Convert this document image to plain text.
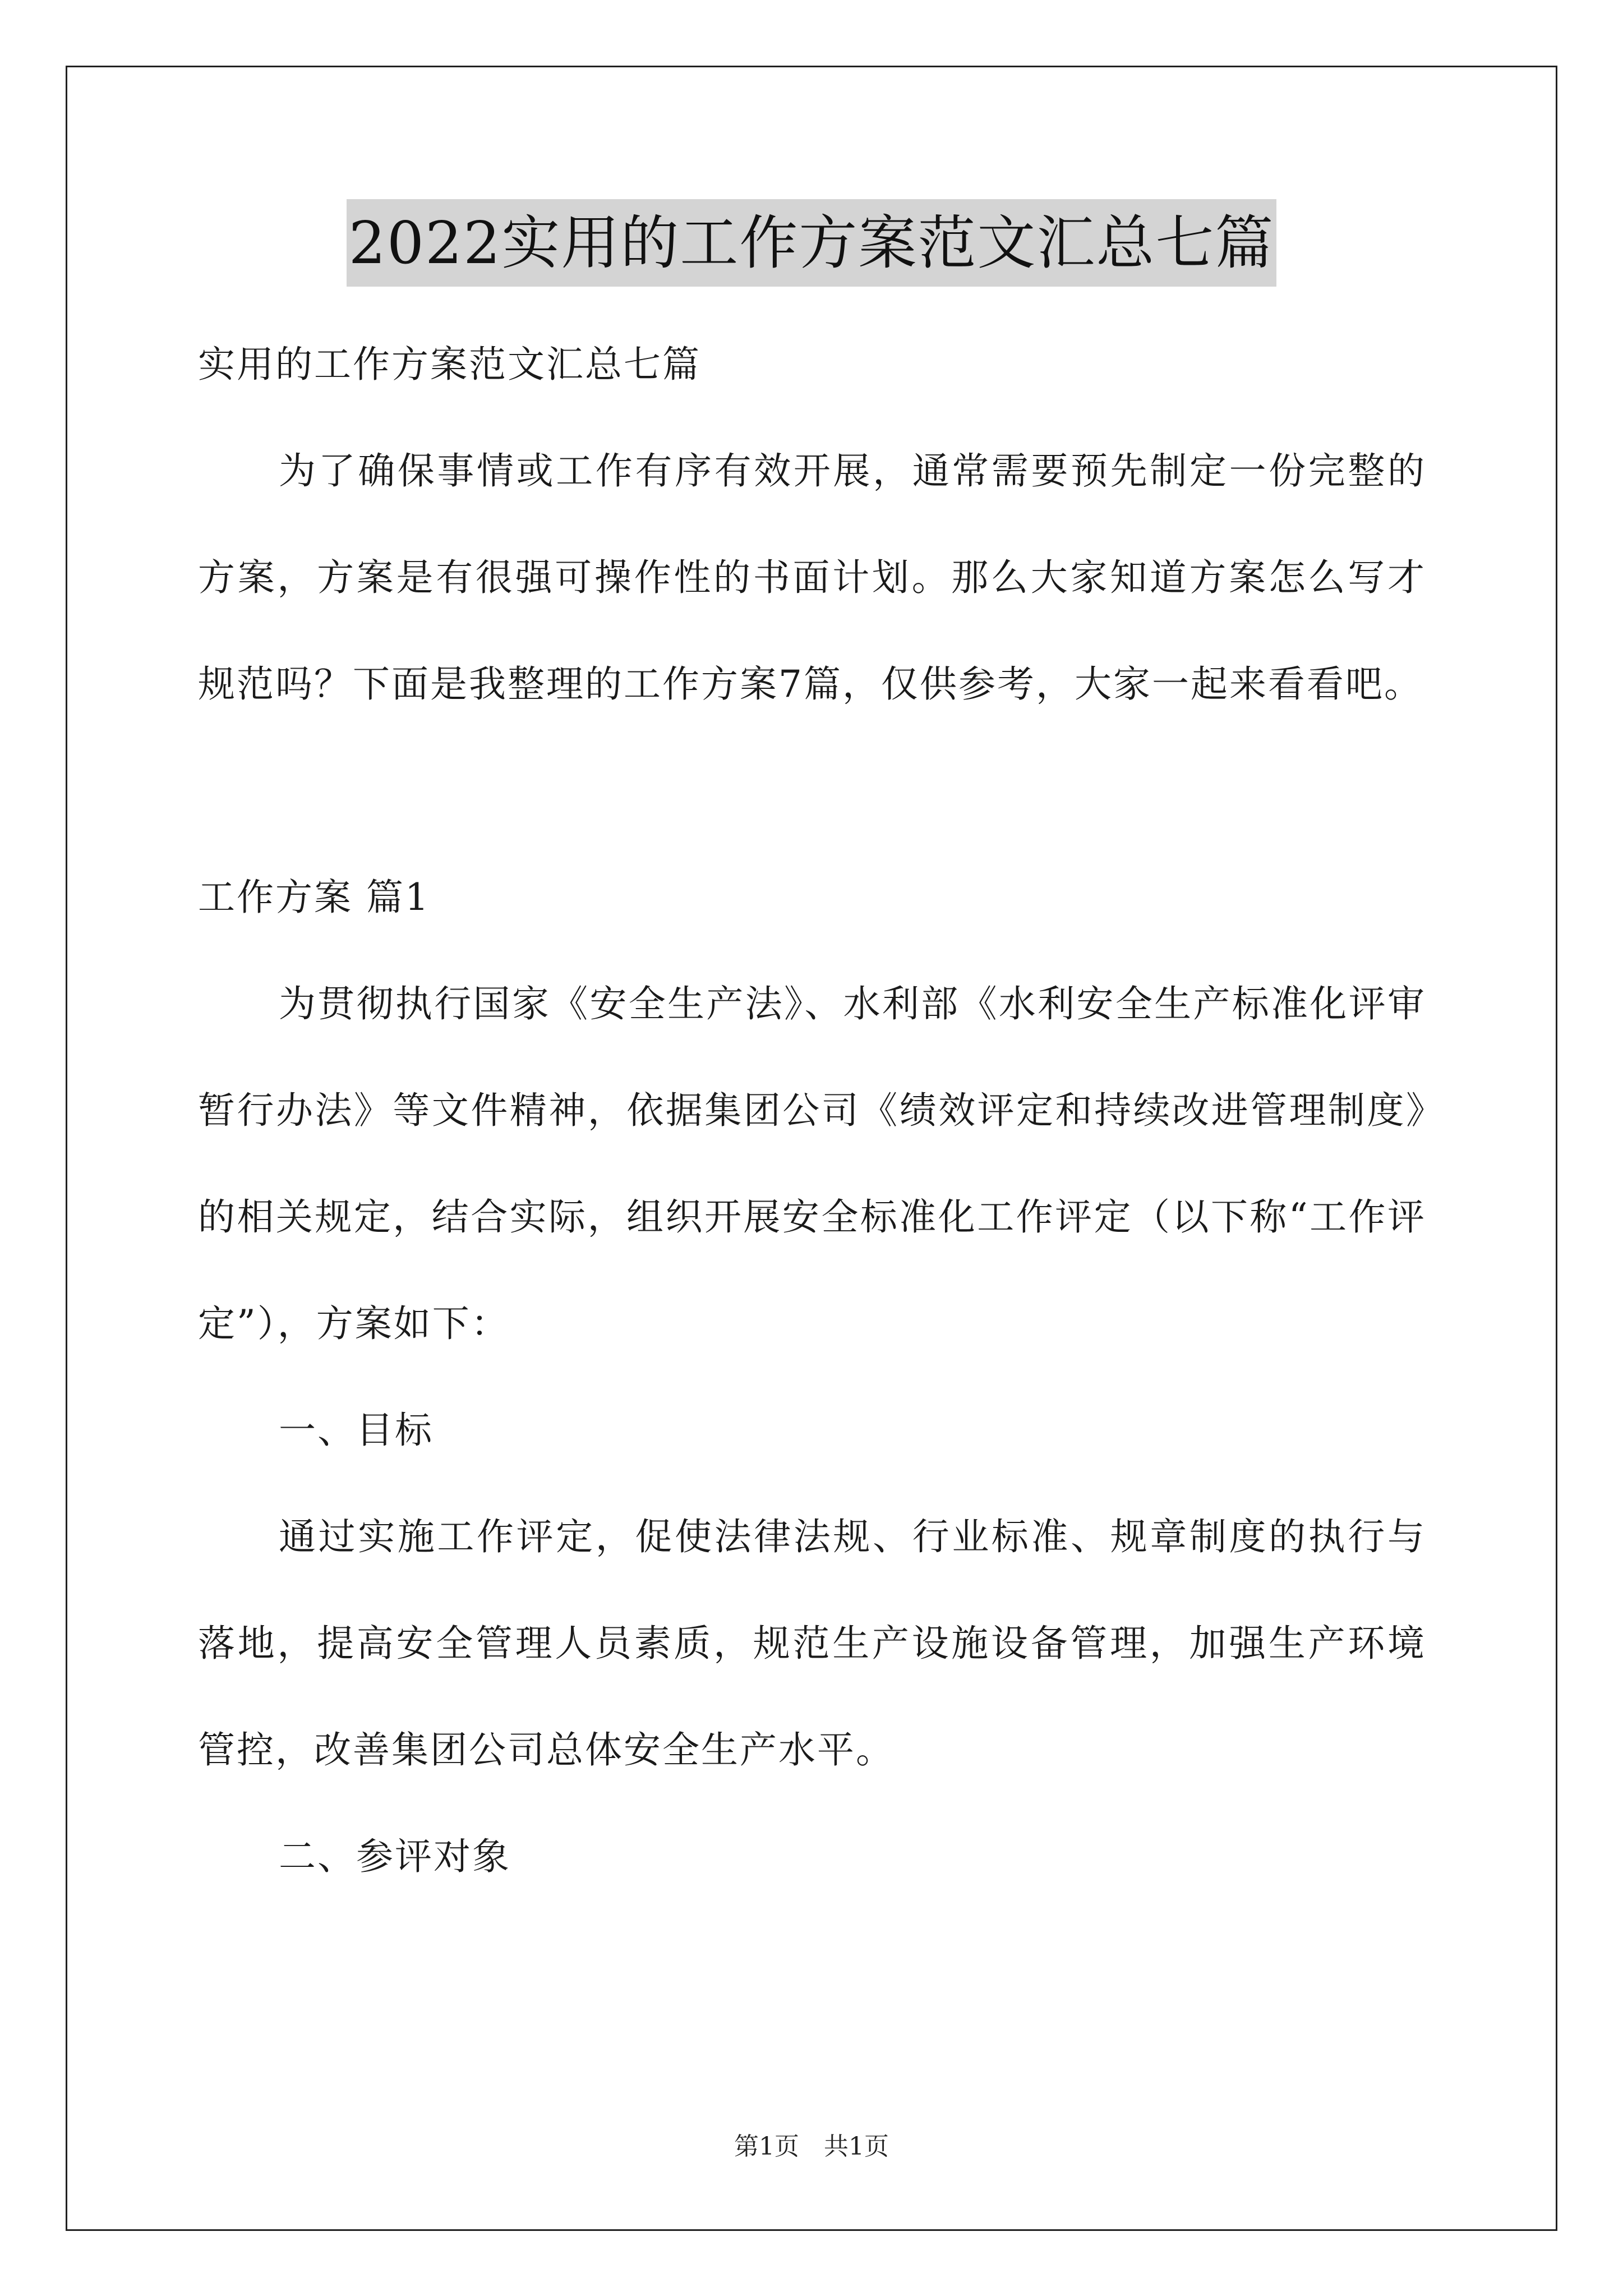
2022实用的工作方案范文汇总七篇

实用的工作方案范文汇总七篇

为了确保事情或工作有序有效开展，通常需要预先制定一份完整的方案，方案是有很强可操作性的书面计划。那么大家知道方案怎么写才规范吗？下面是我整理的工作方案7篇，仅供参考，大家一起来看看吧。

工作方案 篇1

为贯彻执行国家《安全生产法》、水利部《水利安全生产标准化评审暂行办法》等文件精神，依据集团公司《绩效评定和持续改进管理制度》的相关规定，结合实际，组织开展安全标准化工作评定（以下称“工作评定”），方案如下：

一、目标

通过实施工作评定，促使法律法规、行业标准、规章制度的执行与落地，提高安全管理人员素质，规范生产设施设备管理，加强生产环境管控，改善集团公司总体安全生产水平。

二、参评对象

第1页　共1页
